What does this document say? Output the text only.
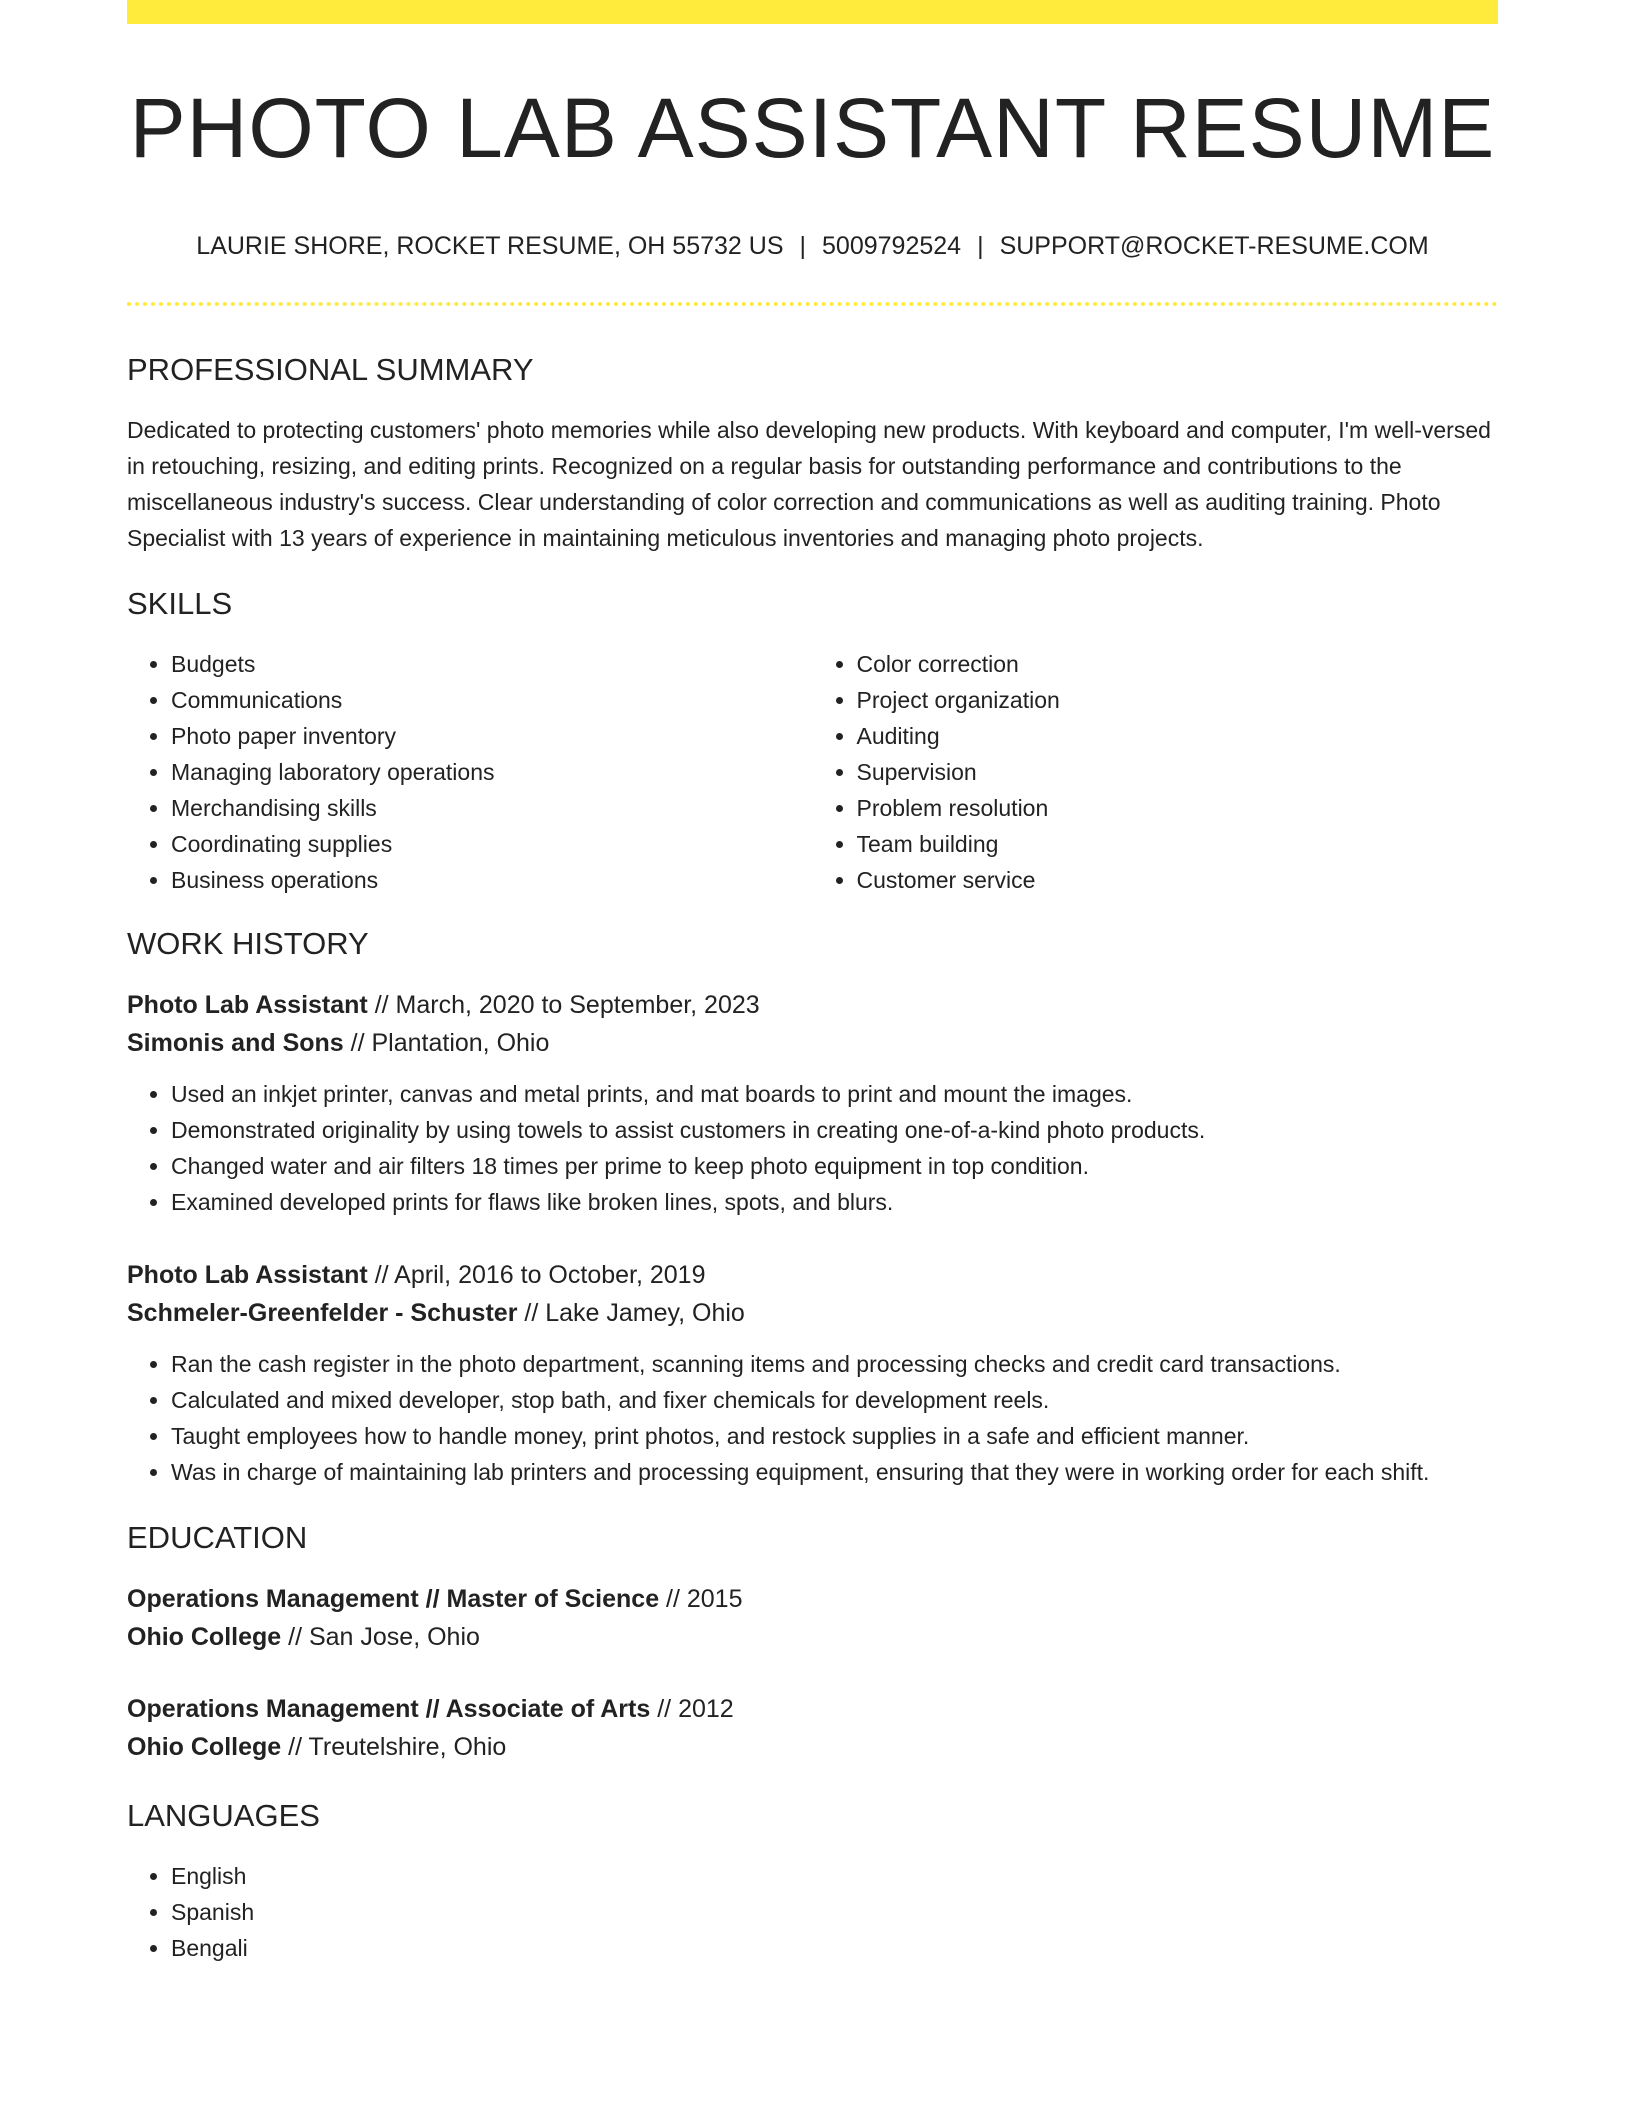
PHOTO LAB ASSISTANT RESUME
LAURIE SHORE, ROCKET RESUME, OH 55732 US | 5009792524 | SUPPORT@ROCKET-RESUME.COM
PROFESSIONAL SUMMARY
Dedicated to protecting customers' photo memories while also developing new products. With keyboard and computer, I'm well-versed in retouching, resizing, and editing prints. Recognized on a regular basis for outstanding performance and contributions to the miscellaneous industry's success. Clear understanding of color correction and communications as well as auditing training. Photo Specialist with 13 years of experience in maintaining meticulous inventories and managing photo projects.
SKILLS
• Budgets
• Communications
• Photo paper inventory
• Managing laboratory operations
• Merchandising skills
• Coordinating supplies
• Business operations
• Color correction
• Project organization
• Auditing
• Supervision
• Problem resolution
• Team building
• Customer service
WORK HISTORY
Photo Lab Assistant // March, 2020 to September, 2023
Simonis and Sons // Plantation, Ohio
• Used an inkjet printer, canvas and metal prints, and mat boards to print and mount the images.
• Demonstrated originality by using towels to assist customers in creating one-of-a-kind photo products.
• Changed water and air filters 18 times per prime to keep photo equipment in top condition.
• Examined developed prints for flaws like broken lines, spots, and blurs.
Photo Lab Assistant // April, 2016 to October, 2019
Schmeler-Greenfelder - Schuster // Lake Jamey, Ohio
• Ran the cash register in the photo department, scanning items and processing checks and credit card transactions.
• Calculated and mixed developer, stop bath, and fixer chemicals for development reels.
• Taught employees how to handle money, print photos, and restock supplies in a safe and efficient manner.
• Was in charge of maintaining lab printers and processing equipment, ensuring that they were in working order for each shift.
EDUCATION
Operations Management // Master of Science // 2015
Ohio College // San Jose, Ohio
Operations Management // Associate of Arts // 2012
Ohio College // Treutelshire, Ohio
LANGUAGES
• English
• Spanish
• Bengali
